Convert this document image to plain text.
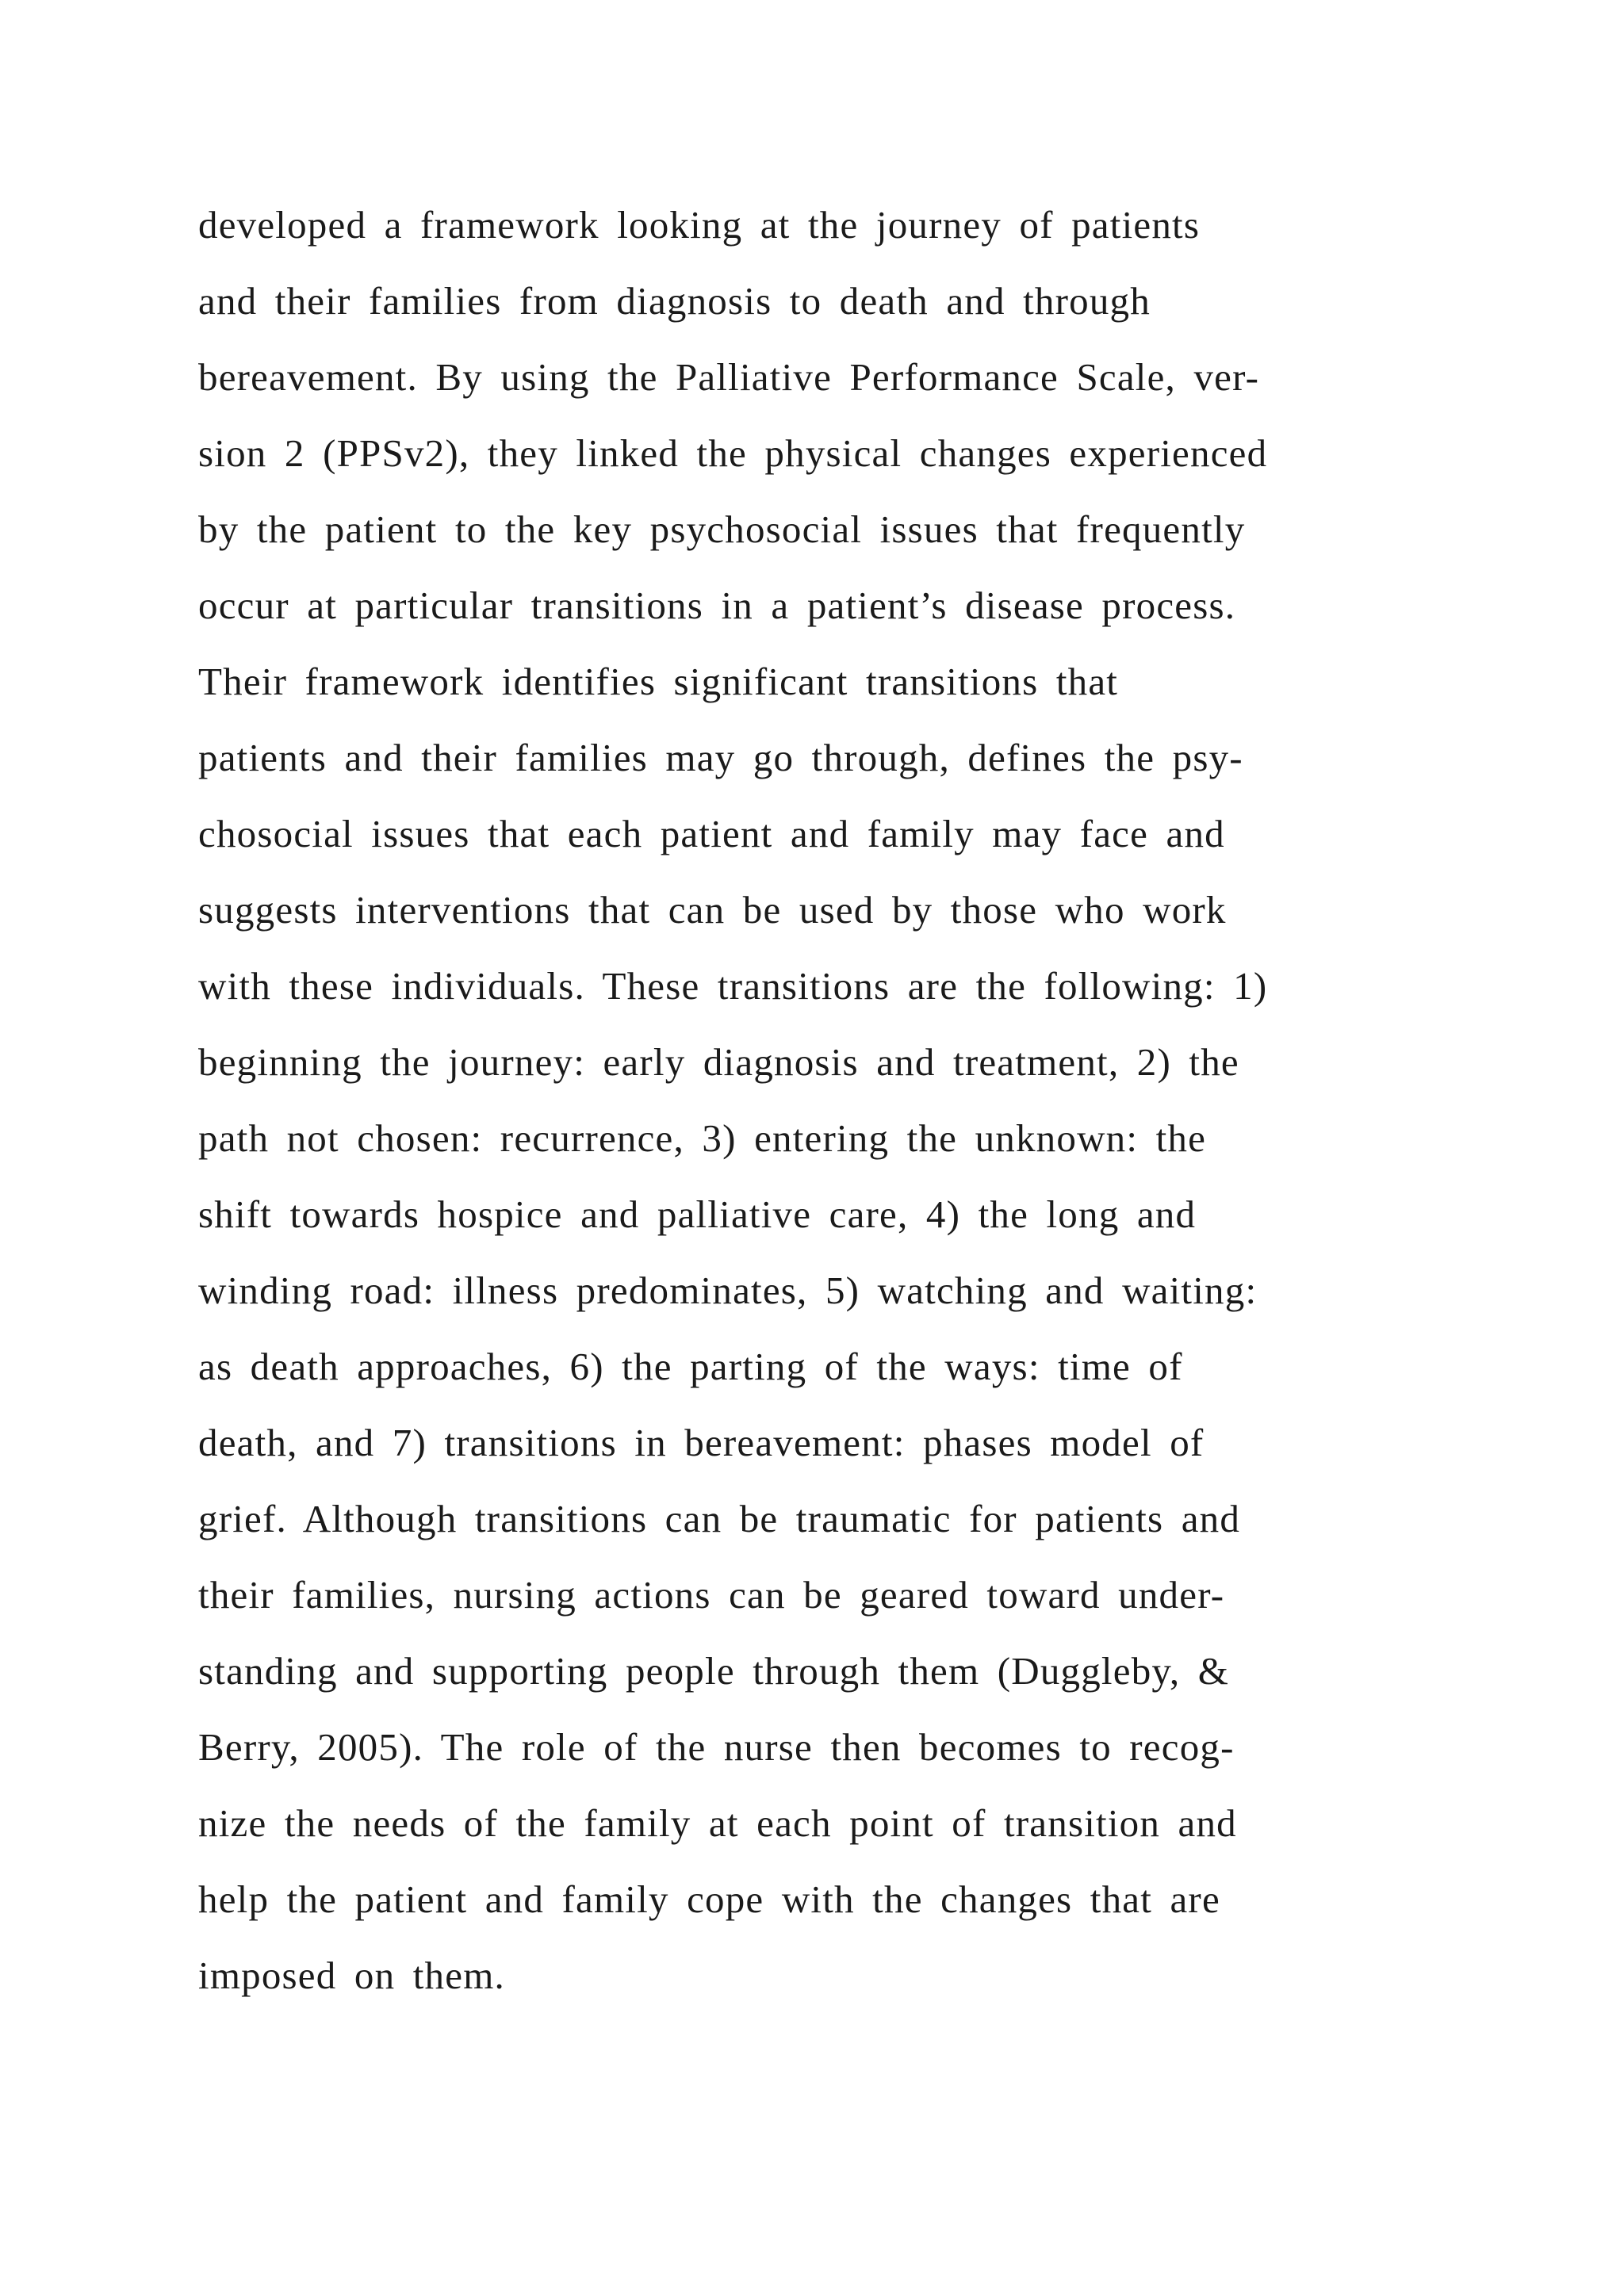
developed a framework looking at the journey of patients
and their families from diagnosis to death and through
bereavement. By using the Palliative Performance Scale, ver-
sion 2 (PPSv2), they linked the physical changes experienced
by the patient to the key psychosocial issues that frequently
occur at particular transitions in a patient’s disease process.
Their framework identifies significant transitions that
patients and their families may go through, defines the psy-
chosocial issues that each patient and family may face and
suggests interventions that can be used by those who work
with these individuals. These transitions are the following: 1)
beginning the journey: early diagnosis and treatment, 2) the
path not chosen: recurrence, 3) entering the unknown: the
shift towards hospice and palliative care, 4) the long and
winding road: illness predominates, 5) watching and waiting:
as death approaches, 6) the parting of the ways: time of
death, and 7) transitions in bereavement: phases model of
grief. Although transitions can be traumatic for patients and
their families, nursing actions can be geared toward under-
standing and supporting people through them (Duggleby, &
Berry, 2005). The role of the nurse then becomes to recog-
nize the needs of the family at each point of transition and
help the patient and family cope with the changes that are
imposed on them.
